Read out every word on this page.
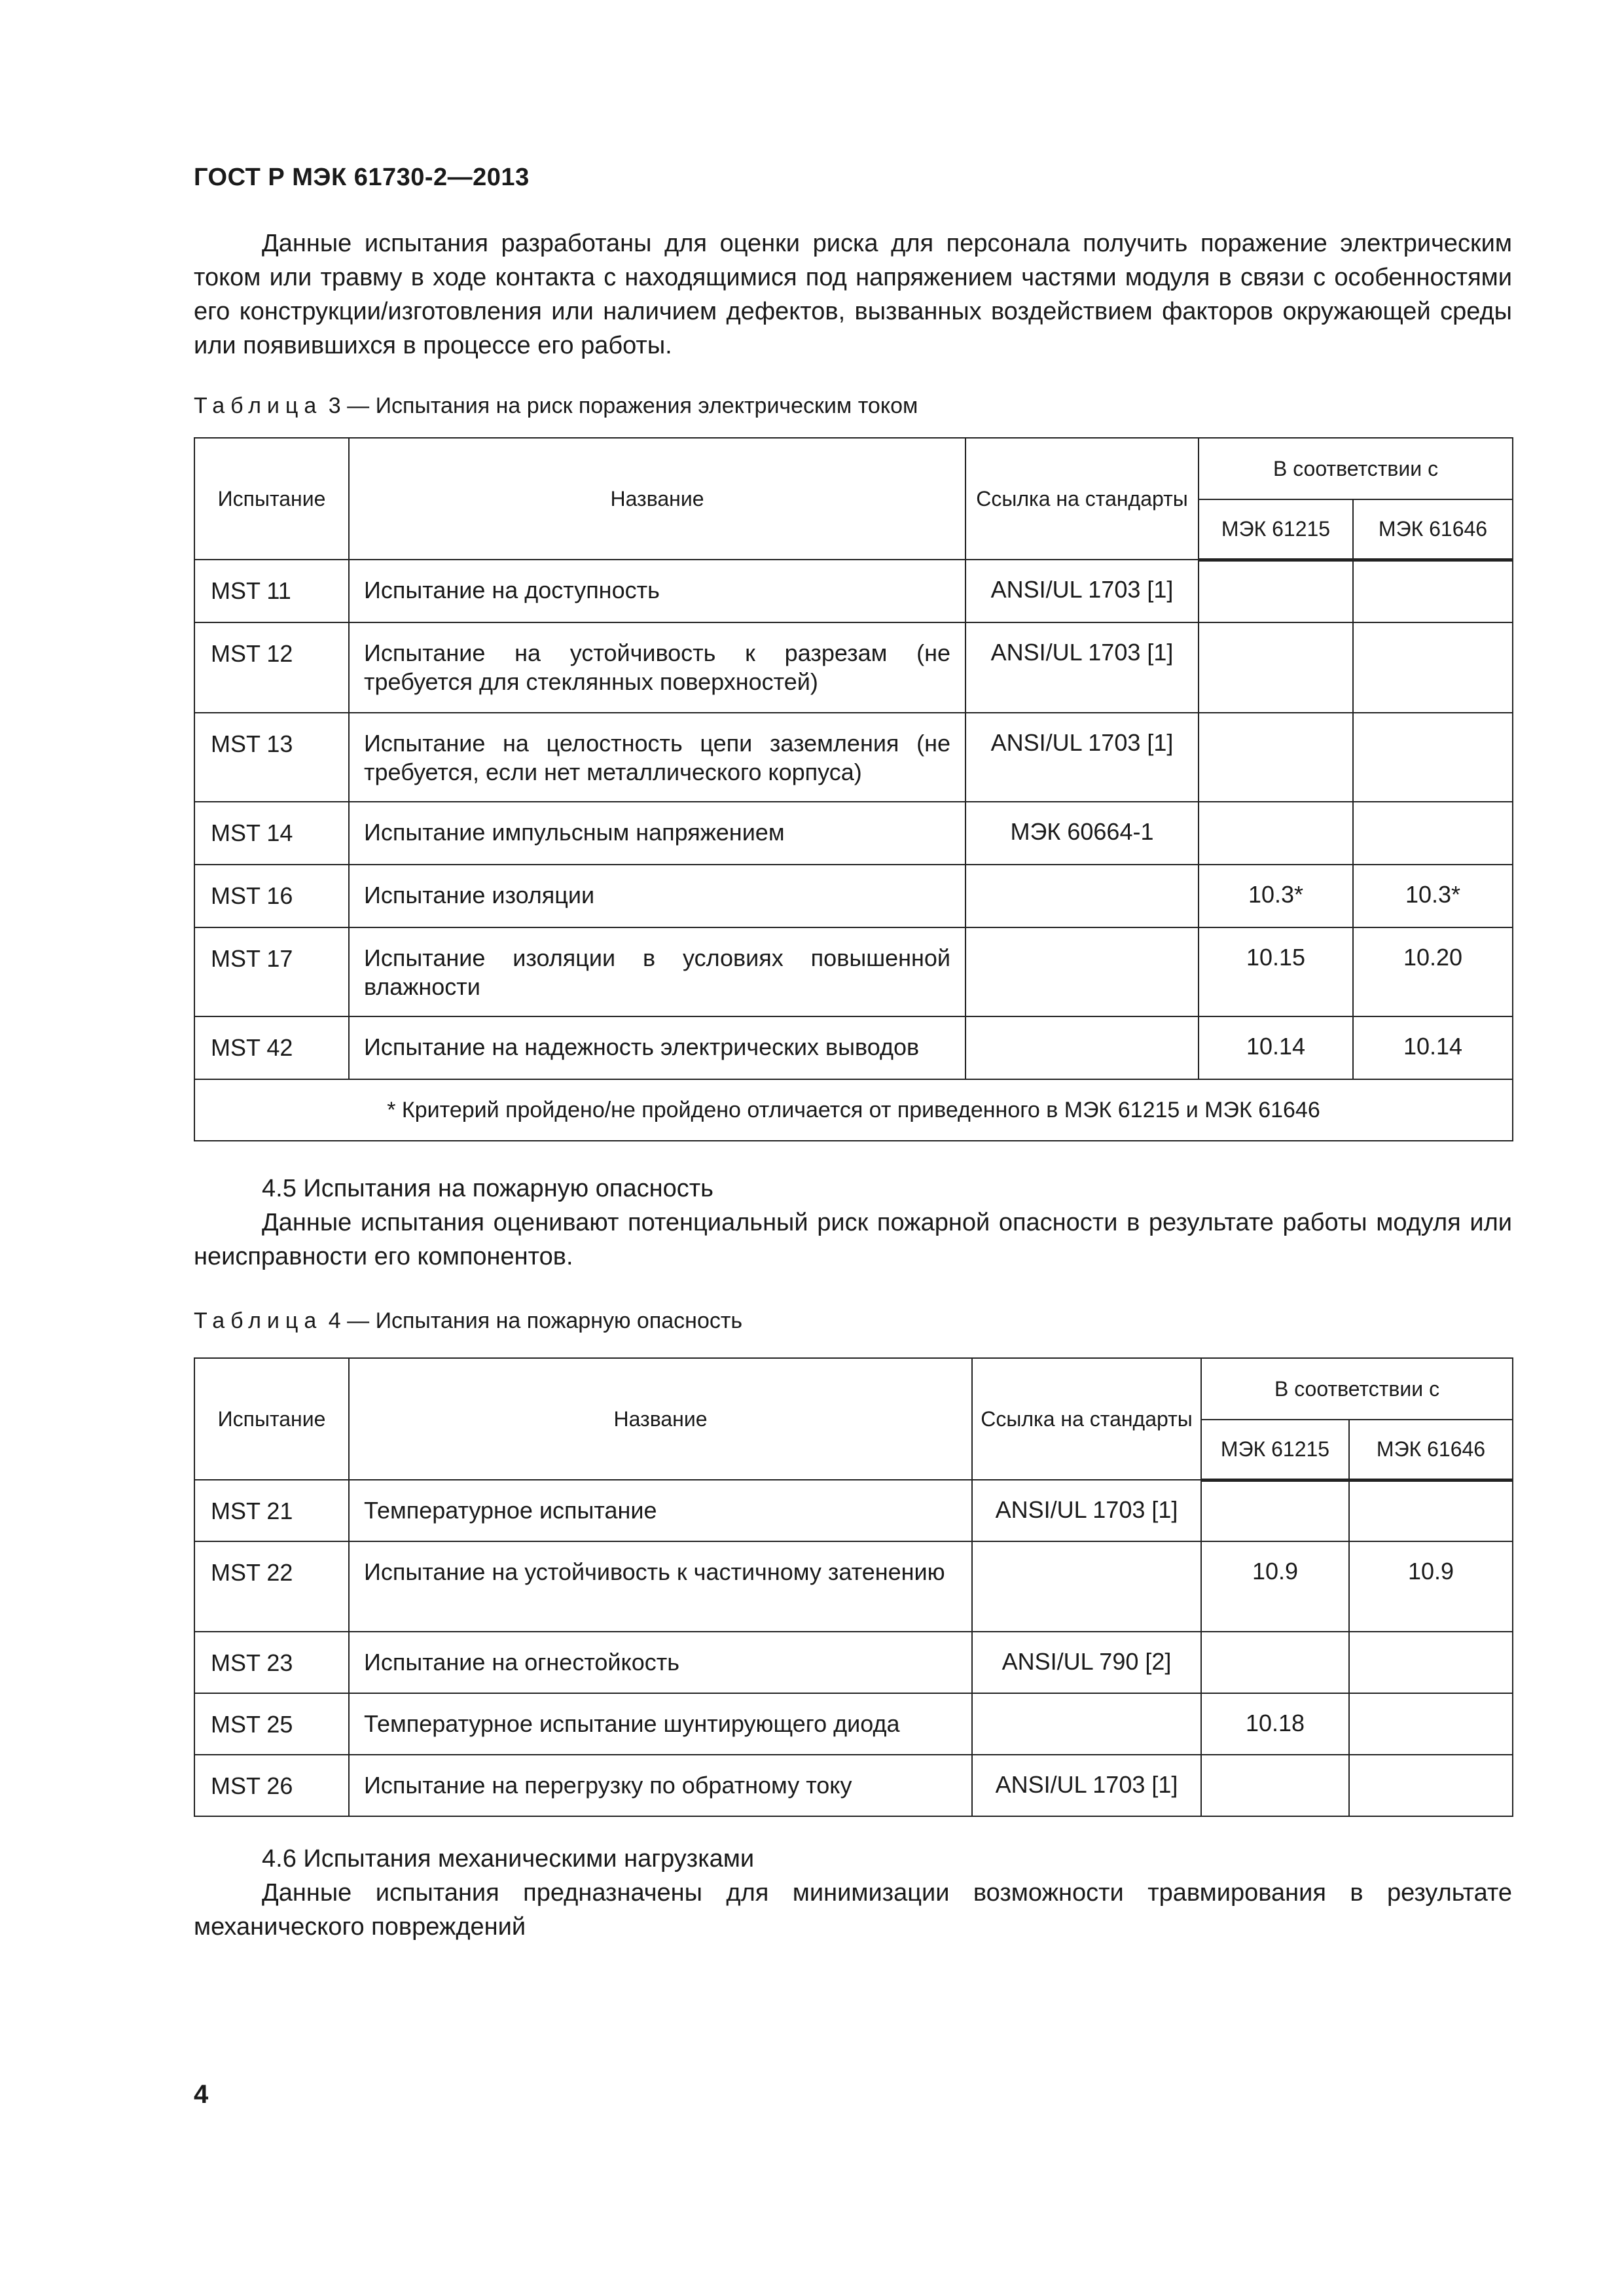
ГОСТ Р МЭК 61730-2—2013
Данные испытания разработаны для оценки риска для персонала получить поражение электрическим током или травму в ходе контакта с находящимися под напряжением частями модуля в связи с особенностями его конструкции/изготовления или наличием дефектов, вызванных воздействием факторов окружающей среды или появившихся в процессе его работы.
Таблица 3 — Испытания на риск поражения электрическим током
Испытание	Название	Ссылка на стандарты	В соответствии с	
			МЭК 61215	МЭК 61646
MST 11	Испытание на доступность	ANSI/UL 1703 [1]		
MST 12	Испытание на устойчивость к разрезам (не требуется для стеклянных поверхностей)	ANSI/UL 1703 [1]		
MST 13	Испытание на целостность цепи заземления (не требуется, если нет металлического корпуса)	ANSI/UL 1703 [1]		
MST 14	Испытание импульсным напряжением	МЭК 60664-1		
MST 16	Испытание изоляции		10.3*	10.3*
MST 17	Испытание изоляции в условиях повышенной влажности		10.15	10.20
MST 42	Испытание на надежность электрических выводов		10.14	10.14
* Критерий пройдено/не пройдено отличается от приведенного в МЭК 61215 и МЭК 61646				
4.5 Испытания на пожарную опасность
Данные испытания оценивают потенциальный риск пожарной опасности в результате работы модуля или неисправности его компонентов.
Таблица 4 — Испытания на пожарную опасность
Испытание	Название	Ссылка на стандарты	В соответствии с	
			МЭК 61215	МЭК 61646
MST 21	Температурное испытание	ANSI/UL 1703 [1]		
MST 22	Испытание на устойчивость к частичному затенению		10.9	10.9
MST 23	Испытание на огнестойкость	ANSI/UL 790 [2]		
MST 25	Температурное испытание шунтирующего диода		10.18	
MST 26	Испытание на перегрузку по обратному току	ANSI/UL 1703 [1]		
4.6 Испытания механическими нагрузками
Данные испытания предназначены для минимизации возможности травмирования в результате механического повреждений
4
